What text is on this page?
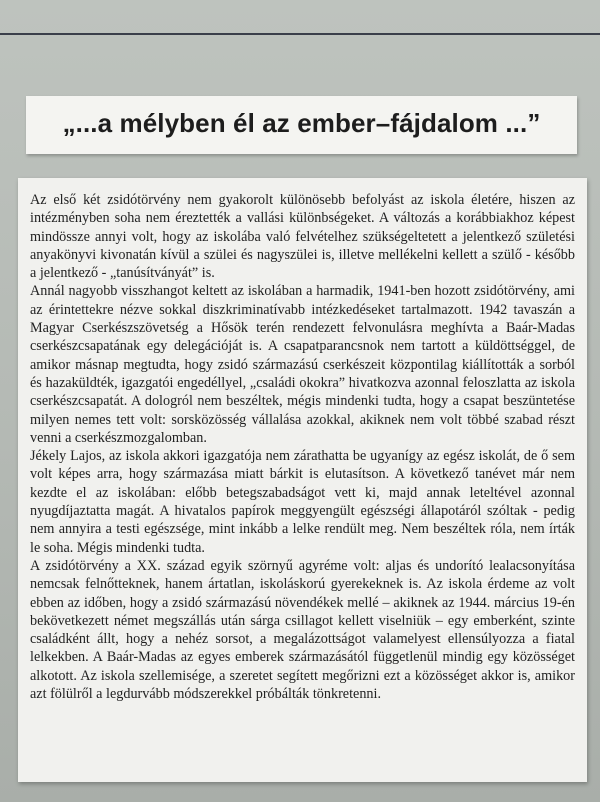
„...a mélyben él az ember–fájdalom ...”

Az első két zsidótörvény nem gyakorolt különösebb befolyást az iskola életére, hiszen az intézményben soha nem éreztették a vallási különbségeket. A változás a korábbiakhoz képest mindössze annyi volt, hogy az iskolába való felvételhez szükségeltetett a jelentkező születési anyakönyvi kivonatán kívül a szülei és nagyszülei is, illetve mellékelni kellett a szülő - később a jelentkező - „tanúsítványát” is.

Annál nagyobb visszhangot keltett az iskolában a harmadik, 1941-ben hozott zsidótörvény, ami az érintettekre nézve sokkal diszkriminatívabb intézkedéseket tartalmazott. 1942 tavaszán a Magyar Cserkészszövetség a Hősök terén rendezett felvonulásra meghívta a Baár-Madas cserkészcsapatának egy delegációját is. A csapatparancsnok nem tartott a küldöttséggel, de amikor másnap megtudta, hogy zsidó származású cserkészeit központilag kiállították a sorból és hazaküldték, igazgatói engedéllyel, „családi okokra” hivatkozva azonnal feloszlatta az iskola cserkészcsapatát. A dologról nem beszéltek, mégis mindenki tudta, hogy a csapat beszüntetése milyen nemes tett volt: sorsközösség vállalása azokkal, akiknek nem volt többé szabad részt venni a cserkészmozgalomban.

Jékely Lajos, az iskola akkori igazgatója nem zárathatta be ugyanígy az egész iskolát, de ő sem volt képes arra, hogy származása miatt bárkit is elutasítson. A következő tanévet már nem kezdte el az iskolában: előbb betegszabadságot vett ki, majd annak leteltével azonnal nyugdíjaztatta magát. A hivatalos papírok meggyengült egészségi állapotáról szóltak - pedig nem annyira a testi egészsége, mint inkább a lelke rendült meg. Nem beszéltek róla, nem írták le soha. Mégis mindenki tudta.

A zsidótörvény a XX. század egyik szörnyű agyréme volt: aljas és undorító lealacsonyítása nemcsak felnőtteknek, hanem ártatlan, iskoláskorú gyerekeknek is. Az iskola érdeme az volt ebben az időben, hogy a zsidó származású növendékek mellé – akiknek az 1944. március 19-én bekövetkezett német megszállás után sárga csillagot kellett viselniük – egy emberként, szinte családként állt, hogy a nehéz sorsot, a megalázottságot valamelyest ellensúlyozza a fiatal lelkekben. A Baár-Madas az egyes emberek származásától függetlenül mindig egy közösséget alkotott. Az iskola szellemisége, a szeretet segített megőrizni ezt a közösséget akkor is, amikor azt fölülről a legdurvább módszerekkel próbálták tönkretenni.
